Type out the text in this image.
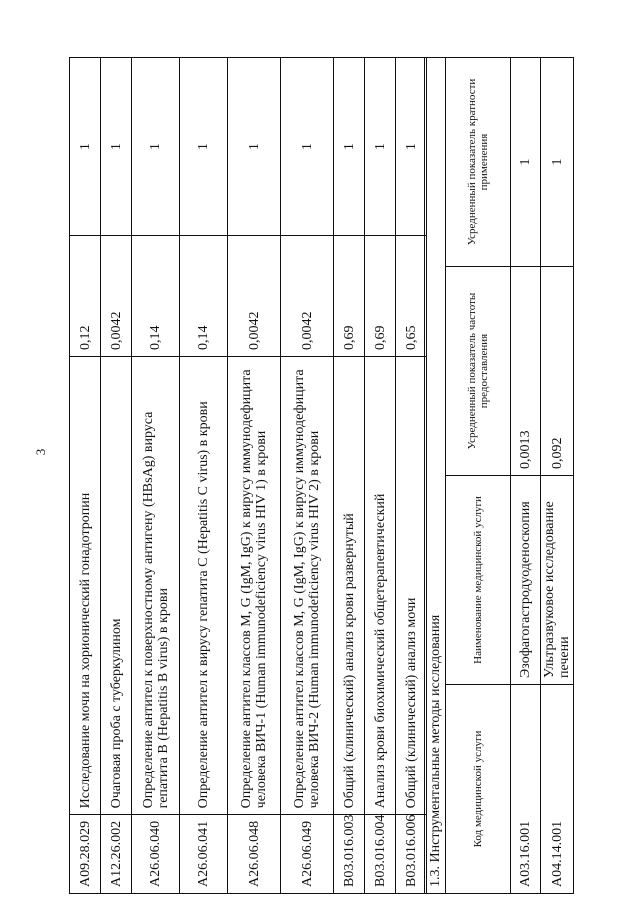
3
A09.28.029	Исследование мочи на хорионический гонадотропин	0,12	1
A12.26.002	Очаговая проба с туберкулином	0,0042	1
A26.06.040	Определение антител к поверхностному антигену (HBsAg) вируса гепатита В (Hepatitis B virus) в крови	0,14	1
A26.06.041	Определение антител к вирусу гепатита С (Hepatitis C virus) в крови	0,14	1
A26.06.048	Определение антител классов M, G (IgM, IgG) к вирусу иммунодефицита человека ВИЧ-1 (Human immunodeficiency virus HIV 1) в крови	0,0042	1
A26.06.049	Определение антител классов M, G (IgM, IgG) к вирусу иммунодефицита человека ВИЧ-2 (Human immunodeficiency virus HIV 2) в крови	0,0042	1
B03.016.003	Общий (клинический) анализ крови развернутый	0,69	1
B03.016.004	Анализ крови биохимический общетерапевтический	0,69	1
B03.016.006	Общий (клинический) анализ мочи	0,65	1
1.3. Инструментальные методы исследования			
Код медицинской услуги	Наименование медицинской услуги	Усредненный показатель частоты предоставления	Усредненный показатель кратности применения
A03.16.001	Эзофагогастродуоденоскопия	0,0013	1
A04.14.001	Ультразвуковое исследование печени	0,092	1
